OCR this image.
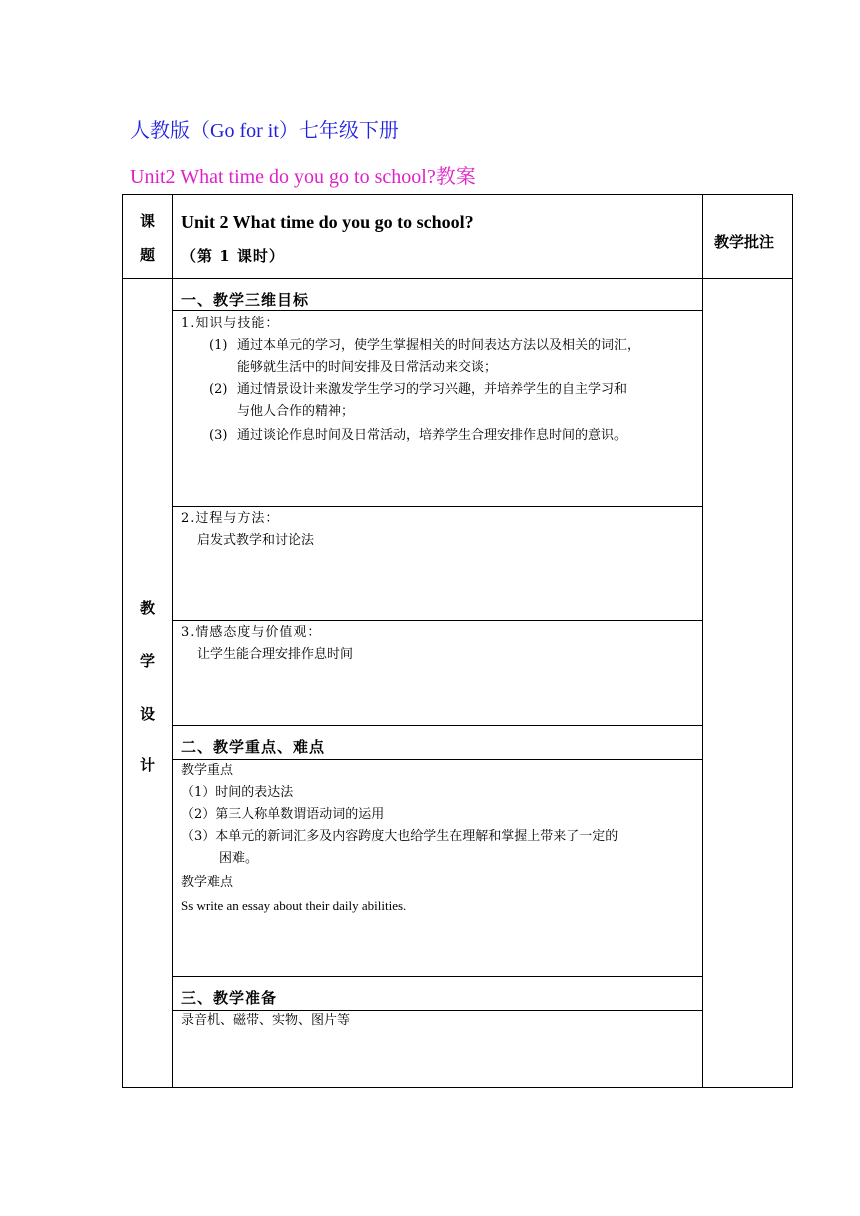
人教版（Go for it）七年级下册
Unit2 What time do you go to school?教案
课
题
Unit 2 What time do you go to school?
（第 1 课时）
教学批注
教
学
设
计
一、教学三维目标
1.知识与技能：
(1) 通过本单元的学习，使学生掌握相关的时间表达方法以及相关的词汇，
能够就生活中的时间安排及日常活动来交谈；
(2) 通过情景设计来激发学生学习的学习兴趣，并培养学生的自主学习和
与他人合作的精神；
(3) 通过谈论作息时间及日常活动，培养学生合理安排作息时间的意识。
2.过程与方法：
启发式教学和讨论法
3.情感态度与价值观：
让学生能合理安排作息时间
二、教学重点、难点
教学重点
（1）时间的表达法
（2）第三人称单数谓语动词的运用
（3）本单元的新词汇多及内容跨度大也给学生在理解和掌握上带来了一定的
困难。
教学难点
Ss write an essay about their daily abilities.
三、教学准备
录音机、磁带、实物、图片等
